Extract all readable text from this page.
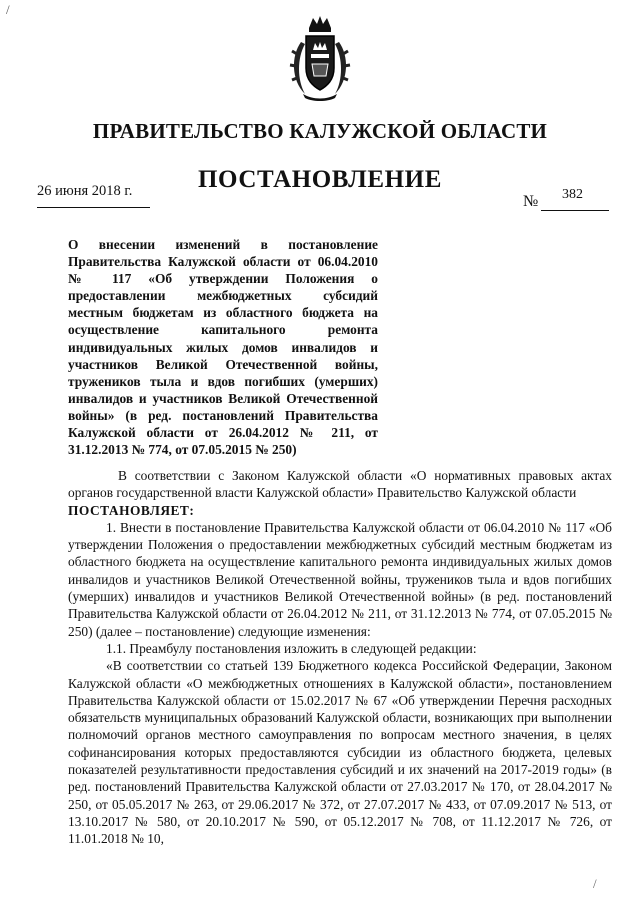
/
ПРАВИТЕЛЬСТВО КАЛУЖСКОЙ ОБЛАСТИ
ПОСТАНОВЛЕНИЕ
26 июня 2018 г.
№ 382
О внесении изменений в постановление Правительства Калужской области от 06.04.2010 № 117 «Об утверждении Положения о предоставлении межбюджетных субсидий местным бюджетам из областного бюджета на осуществление капитального ремонта индивидуальных жилых домов инвалидов и участников Великой Отечественной войны, тружеников тыла и вдов погибших (умерших) инвалидов и участников Великой Отечественной войны» (в ред. постановлений Правительства Калужской области от 26.04.2012 № 211, от 31.12.2013 № 774, от 07.05.2015 № 250)

В соответствии с Законом Калужской области «О нормативных правовых актах органов государственной власти Калужской области» Правительство Калужской области

ПОСТАНОВЛЯЕТ:

1. Внести в постановление Правительства Калужской области от 06.04.2010 № 117 «Об утверждении Положения о предоставлении межбюджетных субсидий местным бюджетам из областного бюджета на осуществление капитального ремонта индивидуальных жилых домов инвалидов и участников Великой Отечественной войны, тружеников тыла и вдов погибших (умерших) инвалидов и участников Великой Отечественной войны» (в ред. постановлений Правительства Калужской области от 26.04.2012 № 211, от 31.12.2013 № 774, от 07.05.2015 № 250) (далее – постановление) следующие изменения:

1.1. Преамбулу постановления изложить в следующей редакции:

«В соответствии со статьей 139 Бюджетного кодекса Российской Федерации, Законом Калужской области «О межбюджетных отношениях в Калужской области», постановлением Правительства Калужской области от 15.02.2017 № 67 «Об утверждении Перечня расходных обязательств муниципальных образований Калужской области, возникающих при выполнении полномочий органов местного самоуправления по вопросам местного значения, в целях софинансирования которых предоставляются субсидии из областного бюджета, целевых показателей результативности предоставления субсидий и их значений на 2017-2019 годы» (в ред. постановлений Правительства Калужской области от 27.03.2017 № 170, от 28.04.2017 № 250, от 05.05.2017 № 263, от 29.06.2017 № 372, от 27.07.2017 № 433, от 07.09.2017 № 513, от 13.10.2017 № 580, от 20.10.2017 № 590, от 05.12.2017 № 708, от 11.12.2017 № 726, от 11.01.2018 № 10,

/
